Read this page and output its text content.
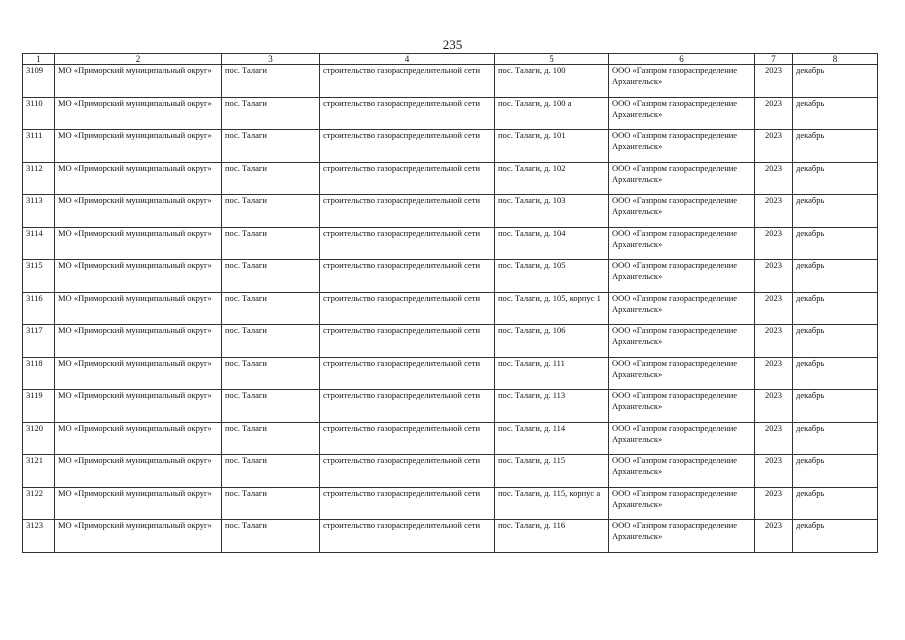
235
1	2	3	4	5	6	7	8
3109	МО «Приморский муниципальный округ»	пос. Талаги	строительство газораспределительной сети	пос. Талаги, д. 100	ООО «Газпром газораспределение Архангельск»	2023	декабрь
3110	МО «Приморский муниципальный округ»	пос. Талаги	строительство газораспределительной сети	пос. Талаги, д. 100 а	ООО «Газпром газораспределение Архангельск»	2023	декабрь
3111	МО «Приморский муниципальный округ»	пос. Талаги	строительство газораспределительной сети	пос. Талаги, д. 101	ООО «Газпром газораспределение Архангельск»	2023	декабрь
3112	МО «Приморский муниципальный округ»	пос. Талаги	строительство газораспределительной сети	пос. Талаги, д. 102	ООО «Газпром газораспределение Архангельск»	2023	декабрь
3113	МО «Приморский муниципальный округ»	пос. Талаги	строительство газораспределительной сети	пос. Талаги, д. 103	ООО «Газпром газораспределение Архангельск»	2023	декабрь
3114	МО «Приморский муниципальный округ»	пос. Талаги	строительство газораспределительной сети	пос. Талаги, д. 104	ООО «Газпром газораспределение Архангельск»	2023	декабрь
3115	МО «Приморский муниципальный округ»	пос. Талаги	строительство газораспределительной сети	пос. Талаги, д. 105	ООО «Газпром газораспределение Архангельск»	2023	декабрь
3116	МО «Приморский муниципальный округ»	пос. Талаги	строительство газораспределительной сети	пос. Талаги, д. 105, корпус 1	ООО «Газпром газораспределение Архангельск»	2023	декабрь
3117	МО «Приморский муниципальный округ»	пос. Талаги	строительство газораспределительной сети	пос. Талаги, д. 106	ООО «Газпром газораспределение Архангельск»	2023	декабрь
3118	МО «Приморский муниципальный округ»	пос. Талаги	строительство газораспределительной сети	пос. Талаги, д. 111	ООО «Газпром газораспределение Архангельск»	2023	декабрь
3119	МО «Приморский муниципальный округ»	пос. Талаги	строительство газораспределительной сети	пос. Талаги, д. 113	ООО «Газпром газораспределение Архангельск»	2023	декабрь
3120	МО «Приморский муниципальный округ»	пос. Талаги	строительство газораспределительной сети	пос. Талаги, д. 114	ООО «Газпром газораспределение Архангельск»	2023	декабрь
3121	МО «Приморский муниципальный округ»	пос. Талаги	строительство газораспределительной сети	пос. Талаги, д. 115	ООО «Газпром газораспределение Архангельск»	2023	декабрь
3122	МО «Приморский муниципальный округ»	пос. Талаги	строительство газораспределительной сети	пос. Талаги, д. 115, корпус а	ООО «Газпром газораспределение Архангельск»	2023	декабрь
3123	МО «Приморский муниципальный округ»	пос. Талаги	строительство газораспределительной сети	пос. Талаги, д. 116	ООО «Газпром газораспределение Архангельск»	2023	декабрь
